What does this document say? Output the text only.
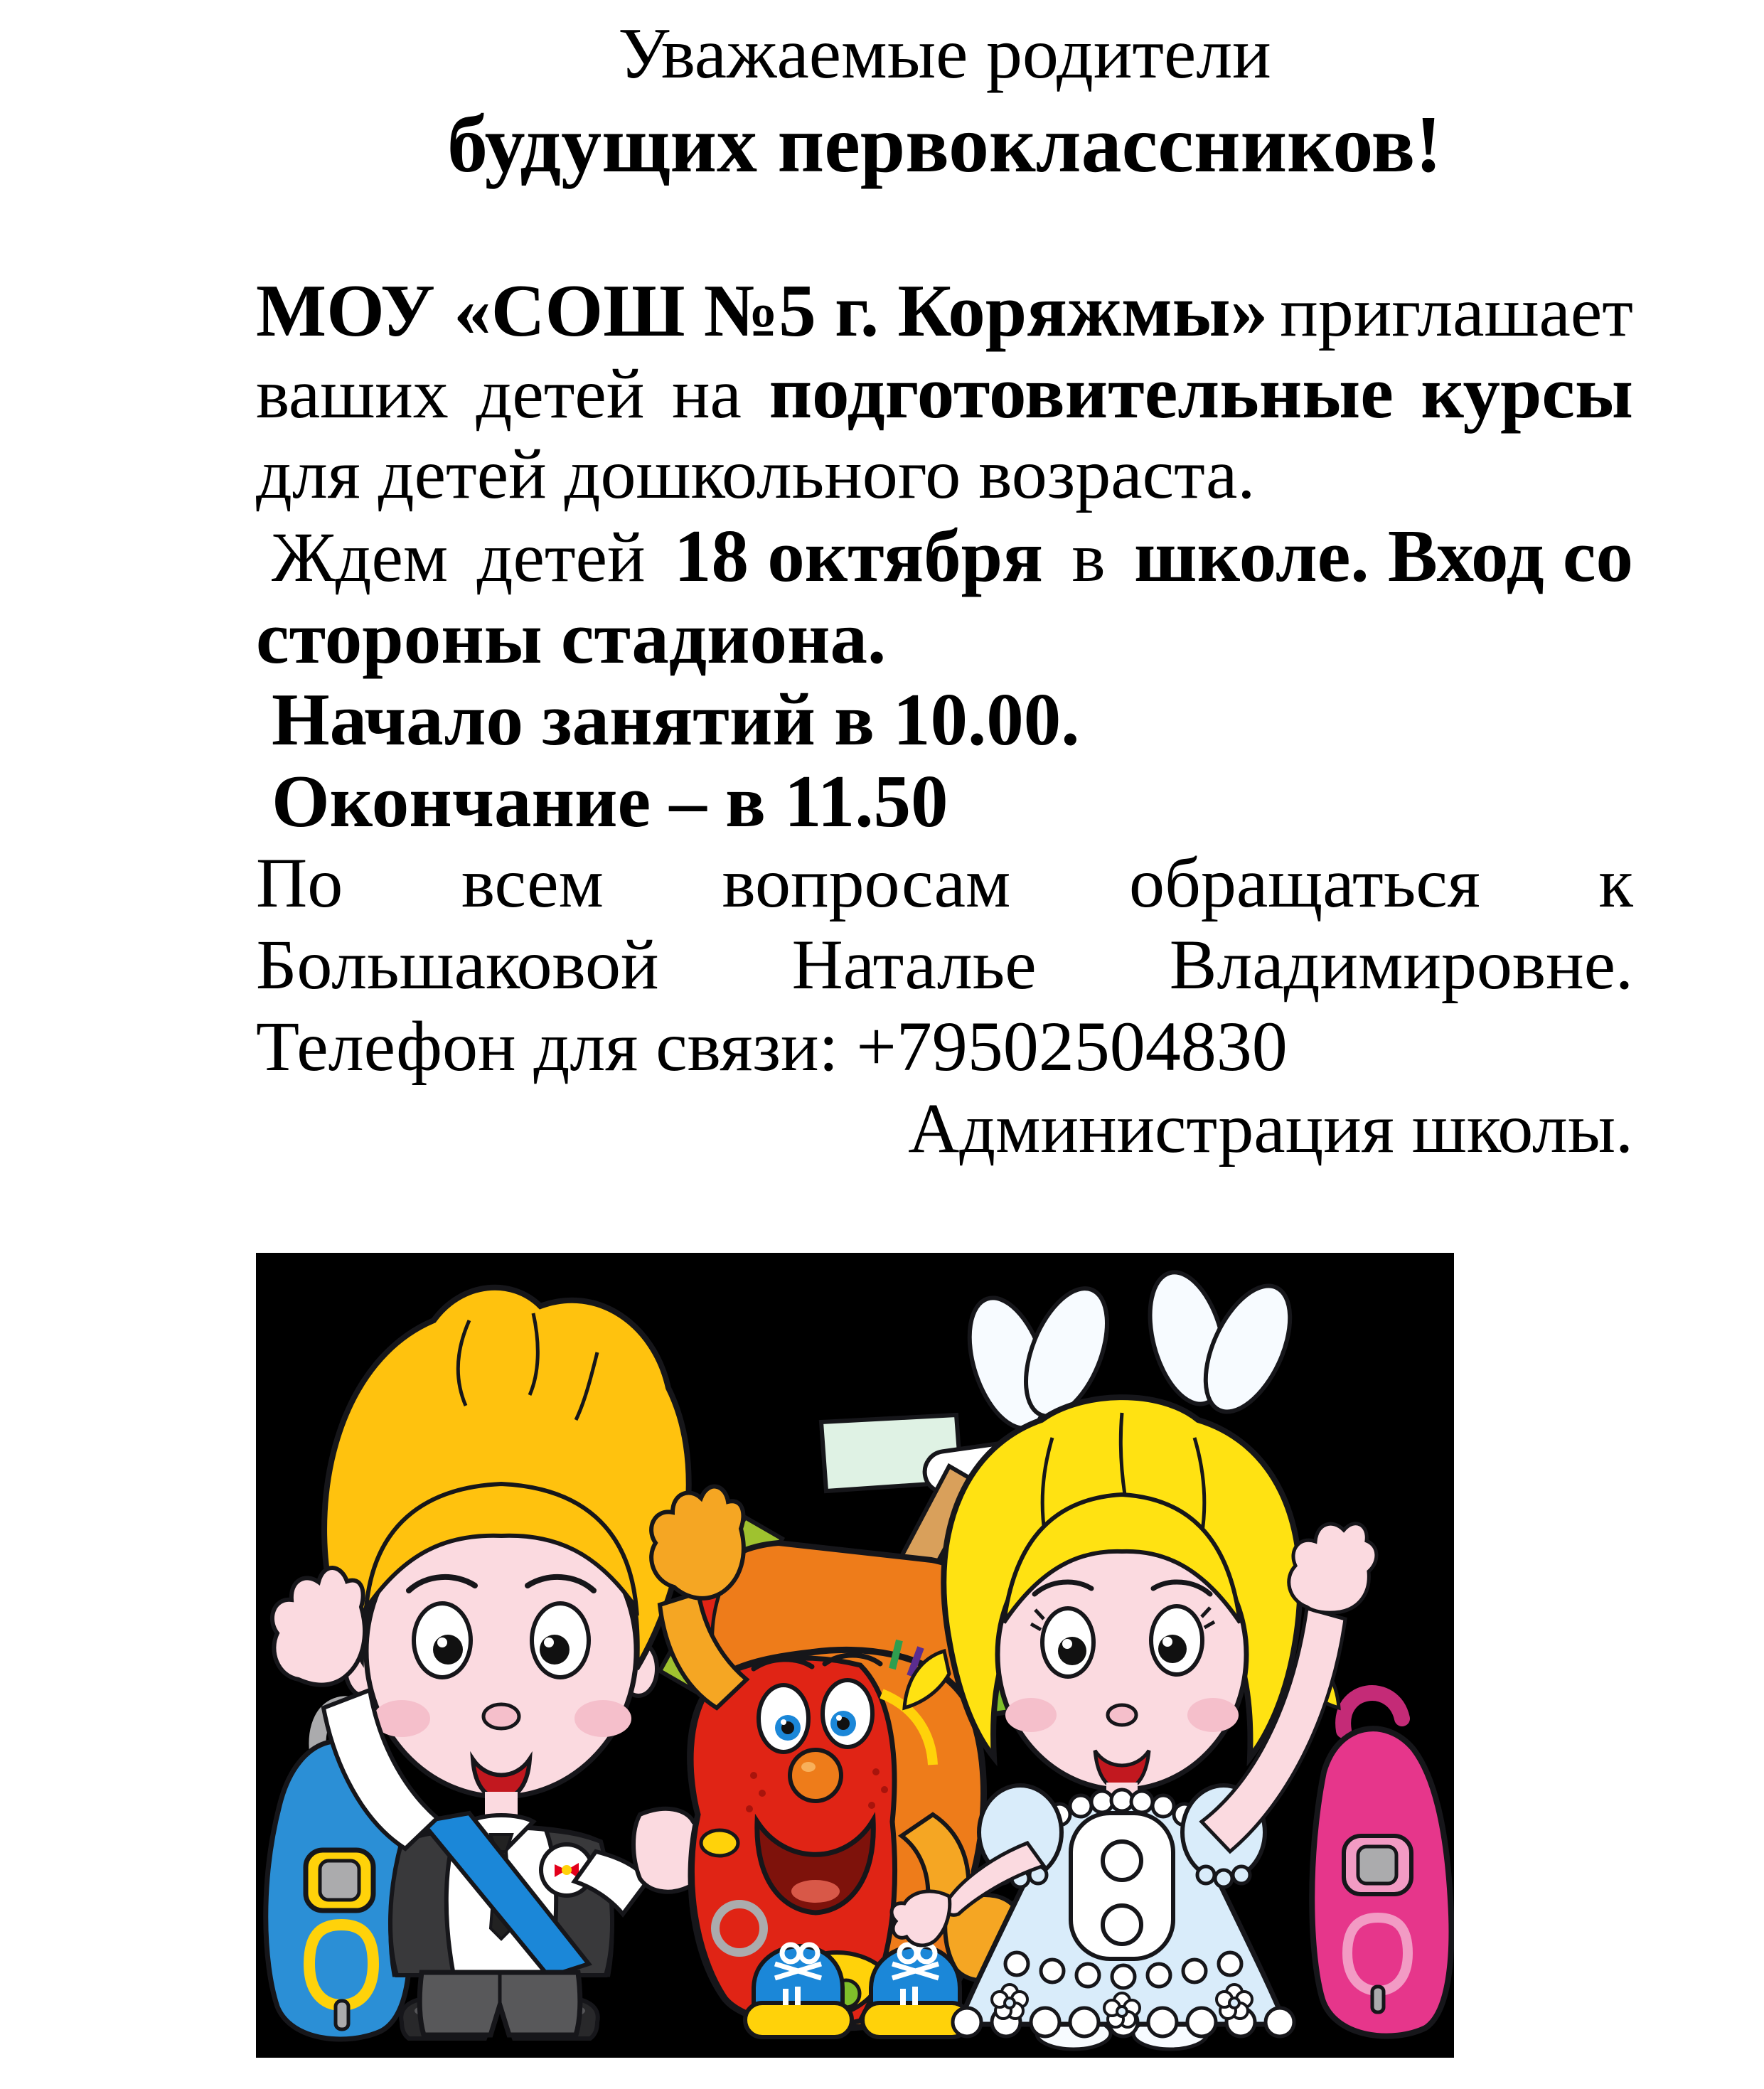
Уважаемые родители
будущих первоклассников!
МОУ «СОШ №5 г. Коряжмы» приглашает
ваших детей на подготовительные курсы
для детей дошкольного возраста.
Ждем детей 18 октября в школе. Вход со
стороны стадиона.
Начало занятий в 10.00.
Окончание – в 11.50
По всем вопросам обращаться к
Большаковой Наталье Владимировне.
Телефон для связи: +79502504830
Администрация школы.
